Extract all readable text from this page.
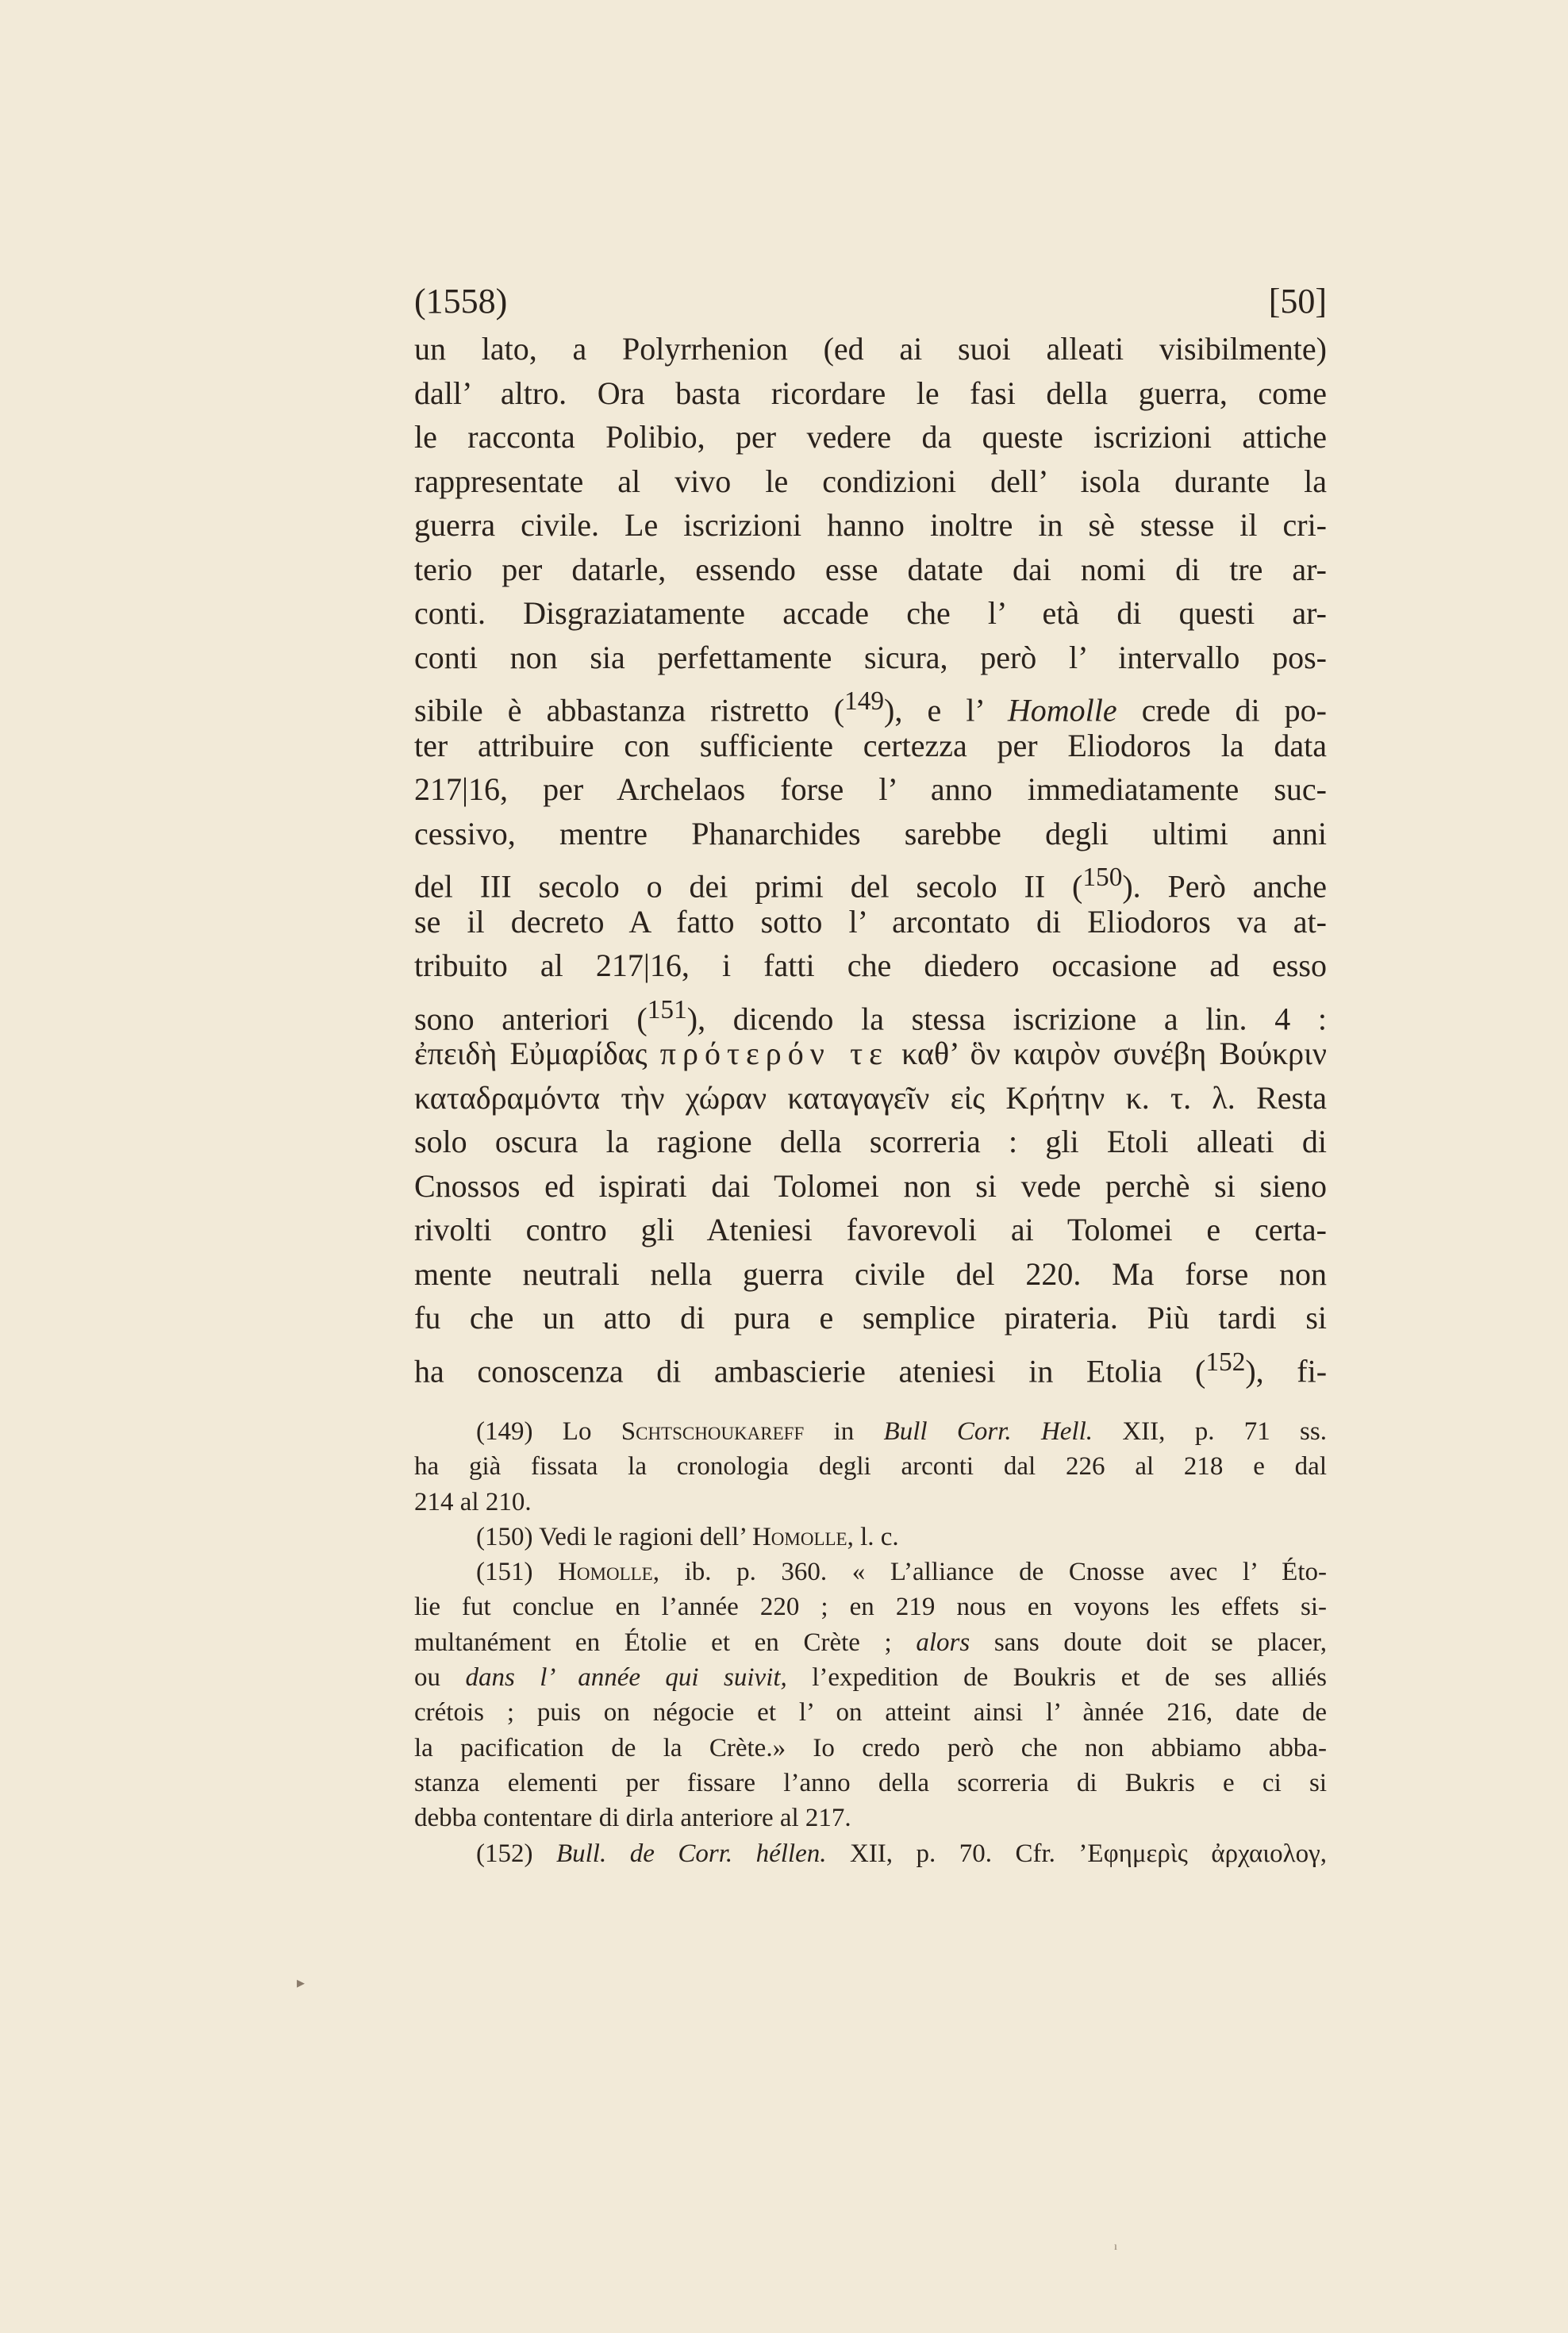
(1558)	[50]
un lato, a Polyrrhenion (ed ai suoi alleati visibilmente)
dall’ altro. Ora basta ricordare le fasi della guerra, come
le racconta Polibio, per vedere da queste iscrizioni attiche
rappresentate al vivo le condizioni dell’ isola durante la
guerra civile. Le iscrizioni hanno inoltre in sè stesse il cri-
terio per datarle, essendo esse datate dai nomi di tre ar-
conti. Disgraziatamente accade che l’ età di questi ar-
conti non sia perfettamente sicura, però l’ intervallo pos-
sibile è abbastanza ristretto ($^{149}$), e l’ Homolle crede di po-
ter attribuire con sufficiente certezza per Eliodoros la data
217|16, per Archelaos forse l’ anno immediatamente suc-
cessivo, mentre Phanarchides sarebbe degli ultimi anni
del III secolo o dei primi del secolo II ($^{150}$). Però anche
se il decreto A fatto sotto l’ arcontato di Eliodoros va at-
tribuito al 217|16, i fatti che diedero occasione ad esso
sono anteriori ($^{151}$), dicendo la stessa iscrizione a lin. 4 :
ἐπειδὴ Εὐμαρίδας πρότερόν τε καθ’ ὃν καιρὸν συνέβη Βούκριν
καταδραμόντα τὴν χώραν καταγαγεῖν εἰς Κρήτην κ. τ. λ. Resta
solo oscura la ragione della scorreria : gli Etoli alleati di
Cnossos ed ispirati dai Tolomei non si vede perchè si sieno
rivolti contro gli Ateniesi favorevoli ai Tolomei e certa-
mente neutrali nella guerra civile del 220. Ma forse non
fu che un atto di pura e semplice pirateria. Più tardi si
ha conoscenza di ambascierie ateniesi in Etolia ($^{152}$), fi-
(149) Lo Schtschoukareff in Bull Corr. Hell. XII, p. 71 ss.
ha già fissata la cronologia degli arconti dal 226 al 218 e dal
214 al 210.
(150) Vedi le ragioni dell’ Homolle, l. c.
(151) Homolle, ib. p. 360. « L’alliance de Cnosse avec l’ Éto-
lie fut conclue en l’année 220 ; en 219 nous en voyons les effets si-
multanément en Étolie et en Crète ; alors sans doute doit se placer,
ou dans l’ année qui suivit, l’expedition de Boukris et de ses alliés
crétois ; puis on négocie et l’ on atteint ainsi l’ ànnée 216, date de
la pacification de la Crète.» Io credo però che non abbiamo abba-
stanza elementi per fissare l’anno della scorreria di Bukris e ci si
debba contentare di dirla anteriore al 217.
(152) Bull. de Corr. héllen. XII, p. 70. Cfr. ’Εφημερὶς ἀρχαιολογ,
▸
ı
